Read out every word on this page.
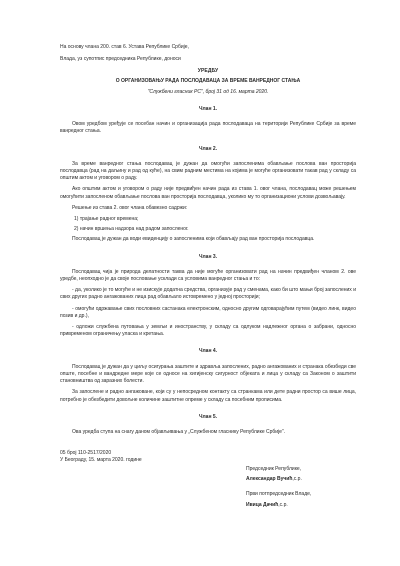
На основу члана 200. став 6. Устава Републике Србије,

Влада, уз супотпис председника Републике, доноси

УРЕДБУ

О ОРГАНИЗОВАЊУ РАДА ПОСЛОДАВАЦА ЗА ВРЕМЕ ВАНРЕДНОГ СТАЊА

"Службени гласник РС", број 31 од 16. марта 2020.

Члан 1.

Овом уредбом уређује се посебан начин и организација рада послодаваца на територији Републике Србије за време ванредног стања.

Члан 2.

За време ванредног стања послодавац је дужан да омогући запосленима обављање послова ван просторија послодавца (рад на даљину и рад од куће), на свим радним местима на којима је могуће организовати такав рад у складу са општим актом и уговором о раду.

Ако општим актом и уговором о раду није предвиђен начин рада из става 1. овог члана, послодавац може решењем омогућити запосленом обављање послова ван просторија послодавца, уколико му то организациони услови дозвољавају.

Решење из става 2. овог члана обавезно садржи:

1) трајање радног времена;

2) начин вршења надзора над радом запосленог.

Послодавац је дужан да води евиденцију о запосленима који обављају рад ван просторија послодавца.

Члан 3.

Послодавац чија је природа делатности таква да није могуће организовати рад на начин предвиђен чланом 2. ове уредбе, неопходно је да своје пословање усклади са условима ванредног стања и то:

- да, уколико је то могуће и не изискује додатна средства, организује рад у сменама, како би што мањи број запослених и свих других радно ангажованих лица рад обављало истовремено у једној просторији;

- омогући одржавање свих пословних састанака електронским, односно другим одговарајућим путем (видео линк, видео позив и др.),

- одложи службена путовања у земљи и иностранству, у складу са одлуком надлежног органа о забрани, односно привременом ограничењу уласка и кретања.

Члан 4.

Послодавац је дужан да у циљу осигурања заштите и здравља запослених, радно ангажованих и странака обезбеди све опште, посебне и вандредне мере које се односе на хигијенску сигурност објеката и лица у складу са Законом о заштити становништва од заразних болести.

За запослене и радно ангажоване, који су у непосредном контакту са странкама или дете радни простор са више лица, потребно је обезбедити довољне количине заштитне опреме у складу са посебним прописима.

Члан 5.

Ова уредба ступа на снагу даном објављивања у „Службеном гласнику Републике Србије”.

05 број 110-2517/2020

У Београду, 15. марта 2020. године

Председник Републике,

Александар Вучић,с.р.

Први потпредседник Владе,

Ивица Дачић,с.р.
